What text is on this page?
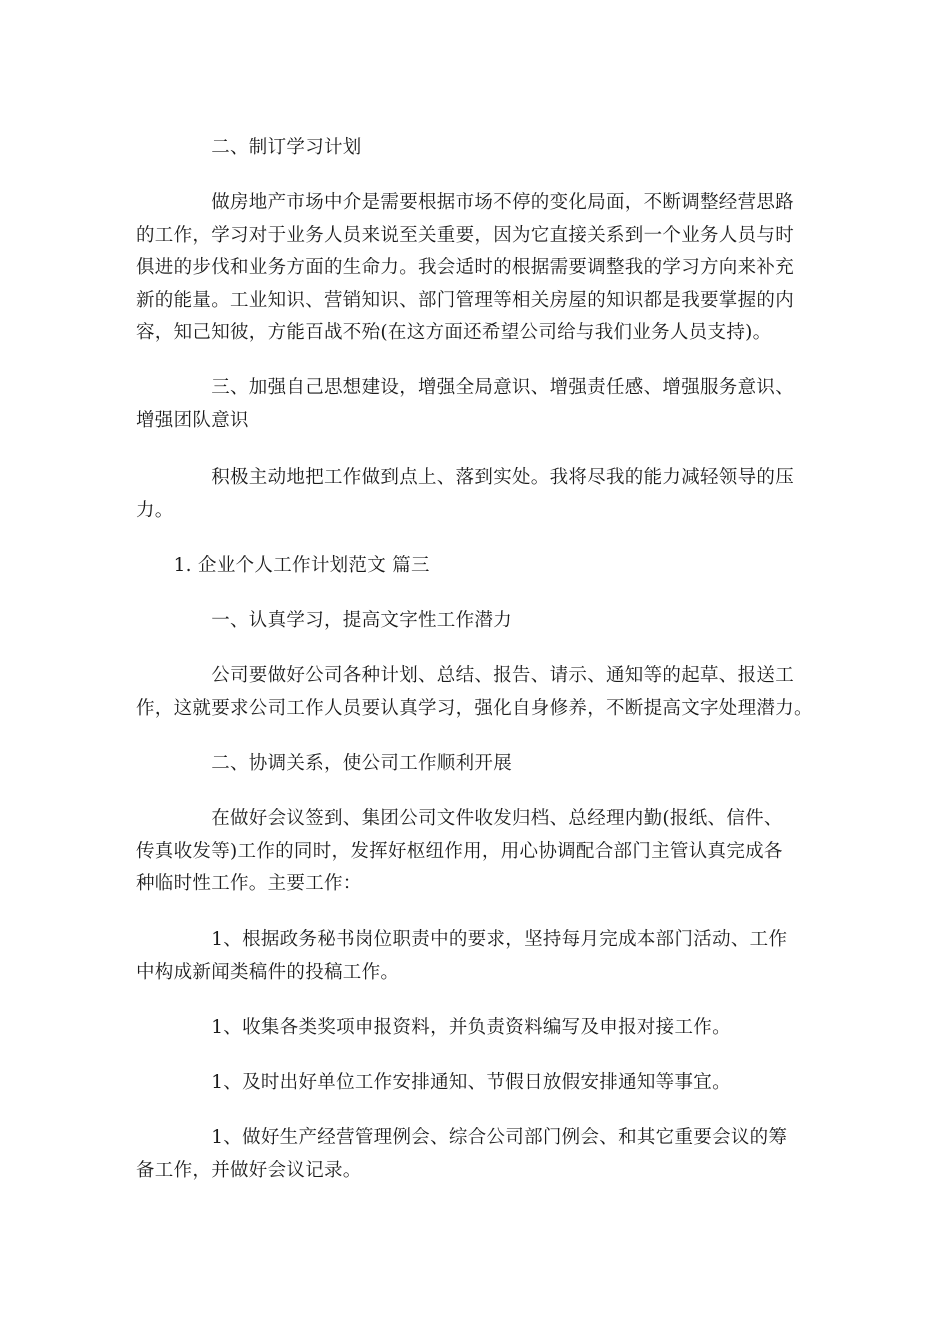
　　　　二、制订学习计划

　　　　做房地产市场中介是需要根据市场不停的变化局面，不断调整经营思路
的工作，学习对于业务人员来说至关重要，因为它直接关系到一个业务人员与时
俱进的步伐和业务方面的生命力。我会适时的根据需要调整我的学习方向来补充
新的能量。工业知识、营销知识、部门管理等相关房屋的知识都是我要掌握的内
容，知己知彼，方能百战不殆(在这方面还希望公司给与我们业务人员支持)。

　　　　三、加强自己思想建设，增强全局意识、增强责任感、增强服务意识、
增强团队意识

　　　　积极主动地把工作做到点上、落到实处。我将尽我的能力减轻领导的压
力。

　　1. 企业个人工作计划范文 篇三

　　　　一、认真学习，提高文字性工作潜力

　　　　公司要做好公司各种计划、总结、报告、请示、通知等的起草、报送工
作，这就要求公司工作人员要认真学习，强化自身修养，不断提高文字处理潜力。

　　　　二、协调关系，使公司工作顺利开展

　　　　在做好会议签到、集团公司文件收发归档、总经理内勤(报纸、信件、
传真收发等)工作的同时，发挥好枢纽作用，用心协调配合部门主管认真完成各
种临时性工作。主要工作：

　　　　1、根据政务秘书岗位职责中的要求，坚持每月完成本部门活动、工作
中构成新闻类稿件的投稿工作。

　　　　1、收集各类奖项申报资料，并负责资料编写及申报对接工作。

　　　　1、及时出好单位工作安排通知、节假日放假安排通知等事宜。

　　　　1、做好生产经营管理例会、综合公司部门例会、和其它重要会议的筹
备工作，并做好会议记录。
